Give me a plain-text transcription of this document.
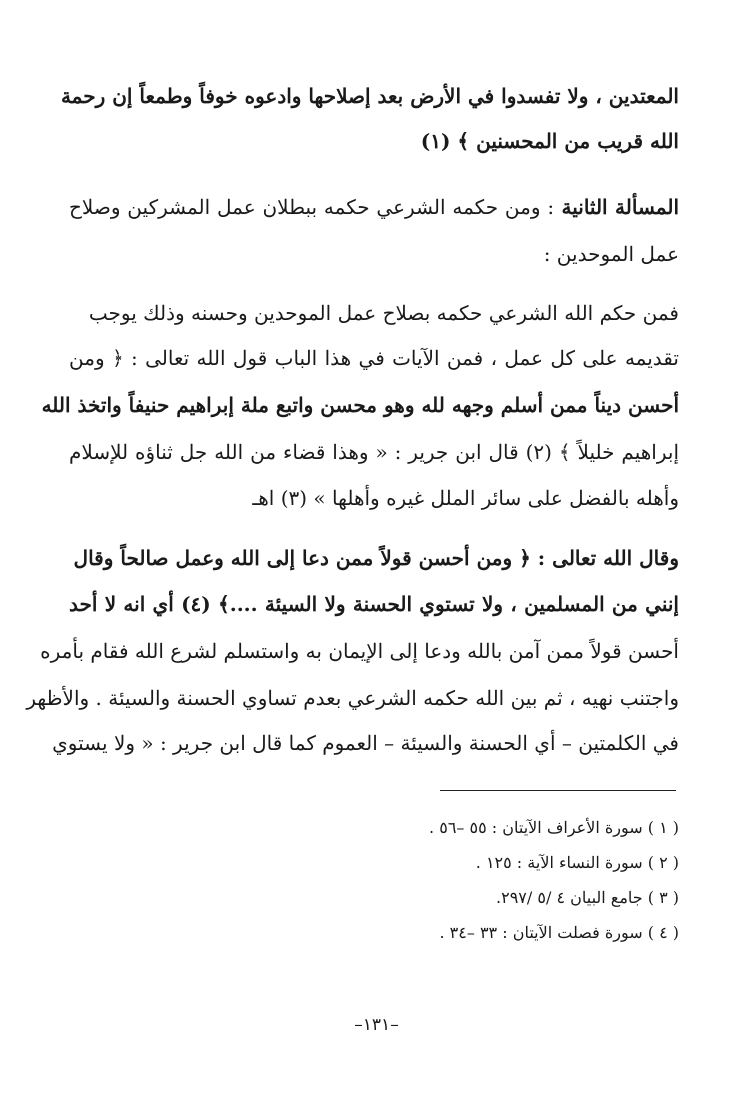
المعتدين ، ولا تفسدوا في الأرض بعد إصلاحها وادعوه خوفاً وطمعاً إن رحمة
الله قريب من المحسنين ﴾ (١)
المسألة الثانية : ومن حكمه الشرعي حكمه ببطلان عمل المشركين وصلاح
عمل الموحدين :
فمن حكم الله الشرعي حكمه بصلاح عمل الموحدين وحسنه وذلك يوجب
تقديمه على كل عمل ، فمن الآيات في هذا الباب قول الله تعالى : ﴿ ومن
أحسن ديناً ممن أسلم وجهه لله وهو محسن واتبع ملة إبراهيم حنيفاً واتخذ الله
إبراهيم خليلاً ﴾ (٢) قال ابن جرير : « وهذا قضاء من الله جل ثناؤه للإسلام
وأهله بالفضل على سائر الملل غيره وأهلها » (٣) اهـ
وقال الله تعالى : ﴿ ومن أحسن قولاً ممن دعا إلى الله وعمل صالحاً وقال
إنني من المسلمين ، ولا تستوي الحسنة ولا السيئة ....﴾ (٤) أي انه لا أحد
أحسن قولاً ممن آمن بالله ودعا إلى الإيمان به واستسلم لشرع الله فقام بأمره
واجتنب نهيه ، ثم بين الله حكمه الشرعي بعدم تساوي الحسنة والسيئة . والأظهر
في الكلمتين – أي الحسنة والسيئة – العموم كما قال ابن جرير : « ولا يستوي
( ١ ) سورة الأعراف الآيتان : ٥٥ –٥٦ .
( ٢ ) سورة النساء الآية : ١٢٥ .
( ٣ ) جامع البيان ٤ /٥ /٢٩٧.
( ٤ ) سورة فصلت الآيتان : ٣٣ –٣٤ .
–١٣١–
